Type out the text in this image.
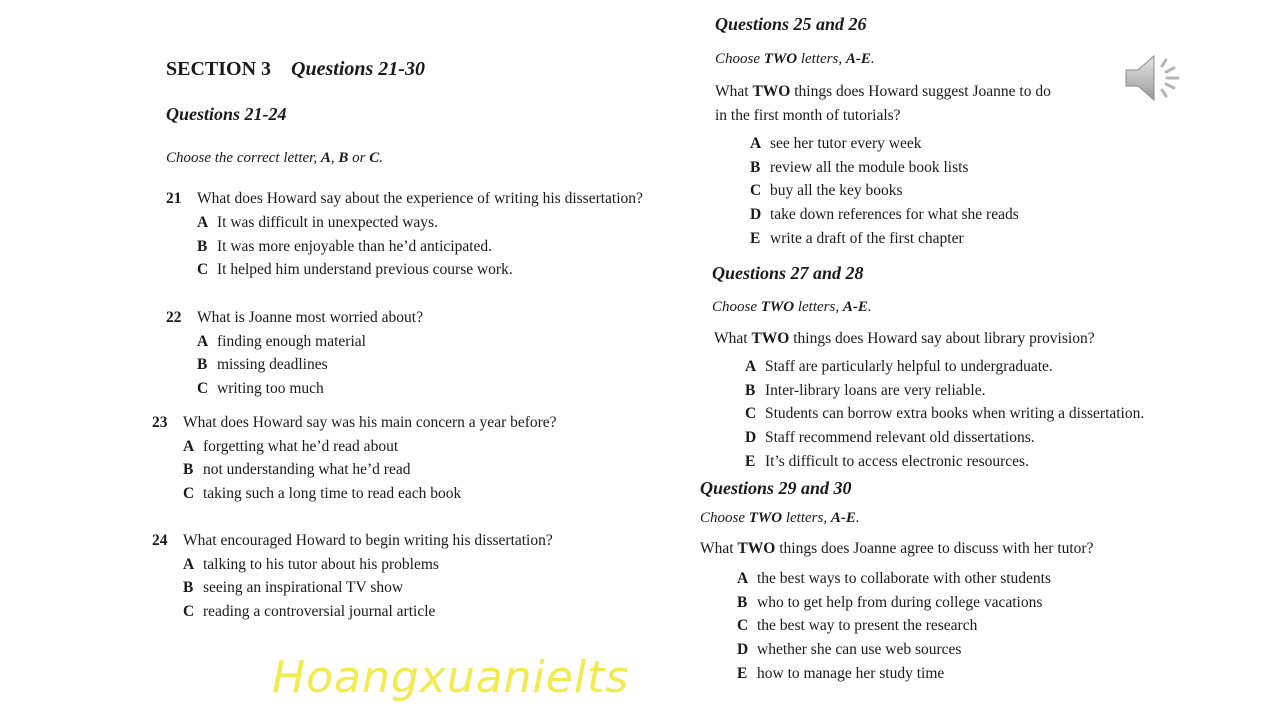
SECTION 3 Questions 21-30
Questions 21-24
Choose the correct letter, A, B or C.
21 What does Howard say about the experience of writing his dissertation?
A It was difficult in unexpected ways.
B It was more enjoyable than he’d anticipated.
C It helped him understand previous course work.
22 What is Joanne most worried about?
A finding enough material
B missing deadlines
C writing too much
23 What does Howard say was his main concern a year before?
A forgetting what he’d read about
B not understanding what he’d read
C taking such a long time to read each book
24 What encouraged Howard to begin writing his dissertation?
A talking to his tutor about his problems
B seeing an inspirational TV show
C reading a controversial journal article
Hoangxuanielts
Questions 25 and 26
Choose TWO letters, A-E.
What TWO things does Howard suggest Joanne to do
in the first month of tutorials?
A see her tutor every week
B review all the module book lists
C buy all the key books
D take down references for what she reads
E write a draft of the first chapter
Questions 27 and 28
Choose TWO letters, A-E.
What TWO things does Howard say about library provision?
A Staff are particularly helpful to undergraduate.
B Inter-library loans are very reliable.
C Students can borrow extra books when writing a dissertation.
D Staff recommend relevant old dissertations.
E It’s difficult to access electronic resources.
Questions 29 and 30
Choose TWO letters, A-E.
What TWO things does Joanne agree to discuss with her tutor?
A the best ways to collaborate with other students
B who to get help from during college vacations
C the best way to present the research
D whether she can use web sources
E how to manage her study time
